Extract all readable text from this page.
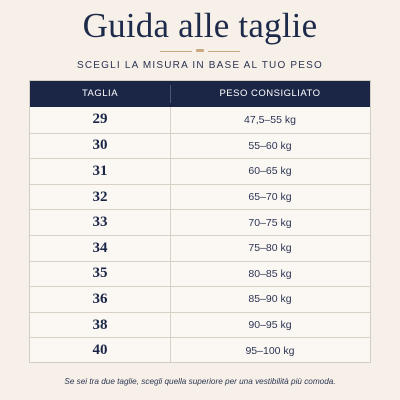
Guida alle taglie
SCEGLI LA MISURA IN BASE AL TUO PESO
TAGLIA	PESO CONSIGLIATO
29	47,5–55 kg
30	55–60 kg
31	60–65 kg
32	65–70 kg
33	70–75 kg
34	75–80 kg
35	80–85 kg
36	85–90 kg
38	90–95 kg
40	95–100 kg
Se sei tra due taglie, scegli quella superiore per una vestibilità più comoda.
